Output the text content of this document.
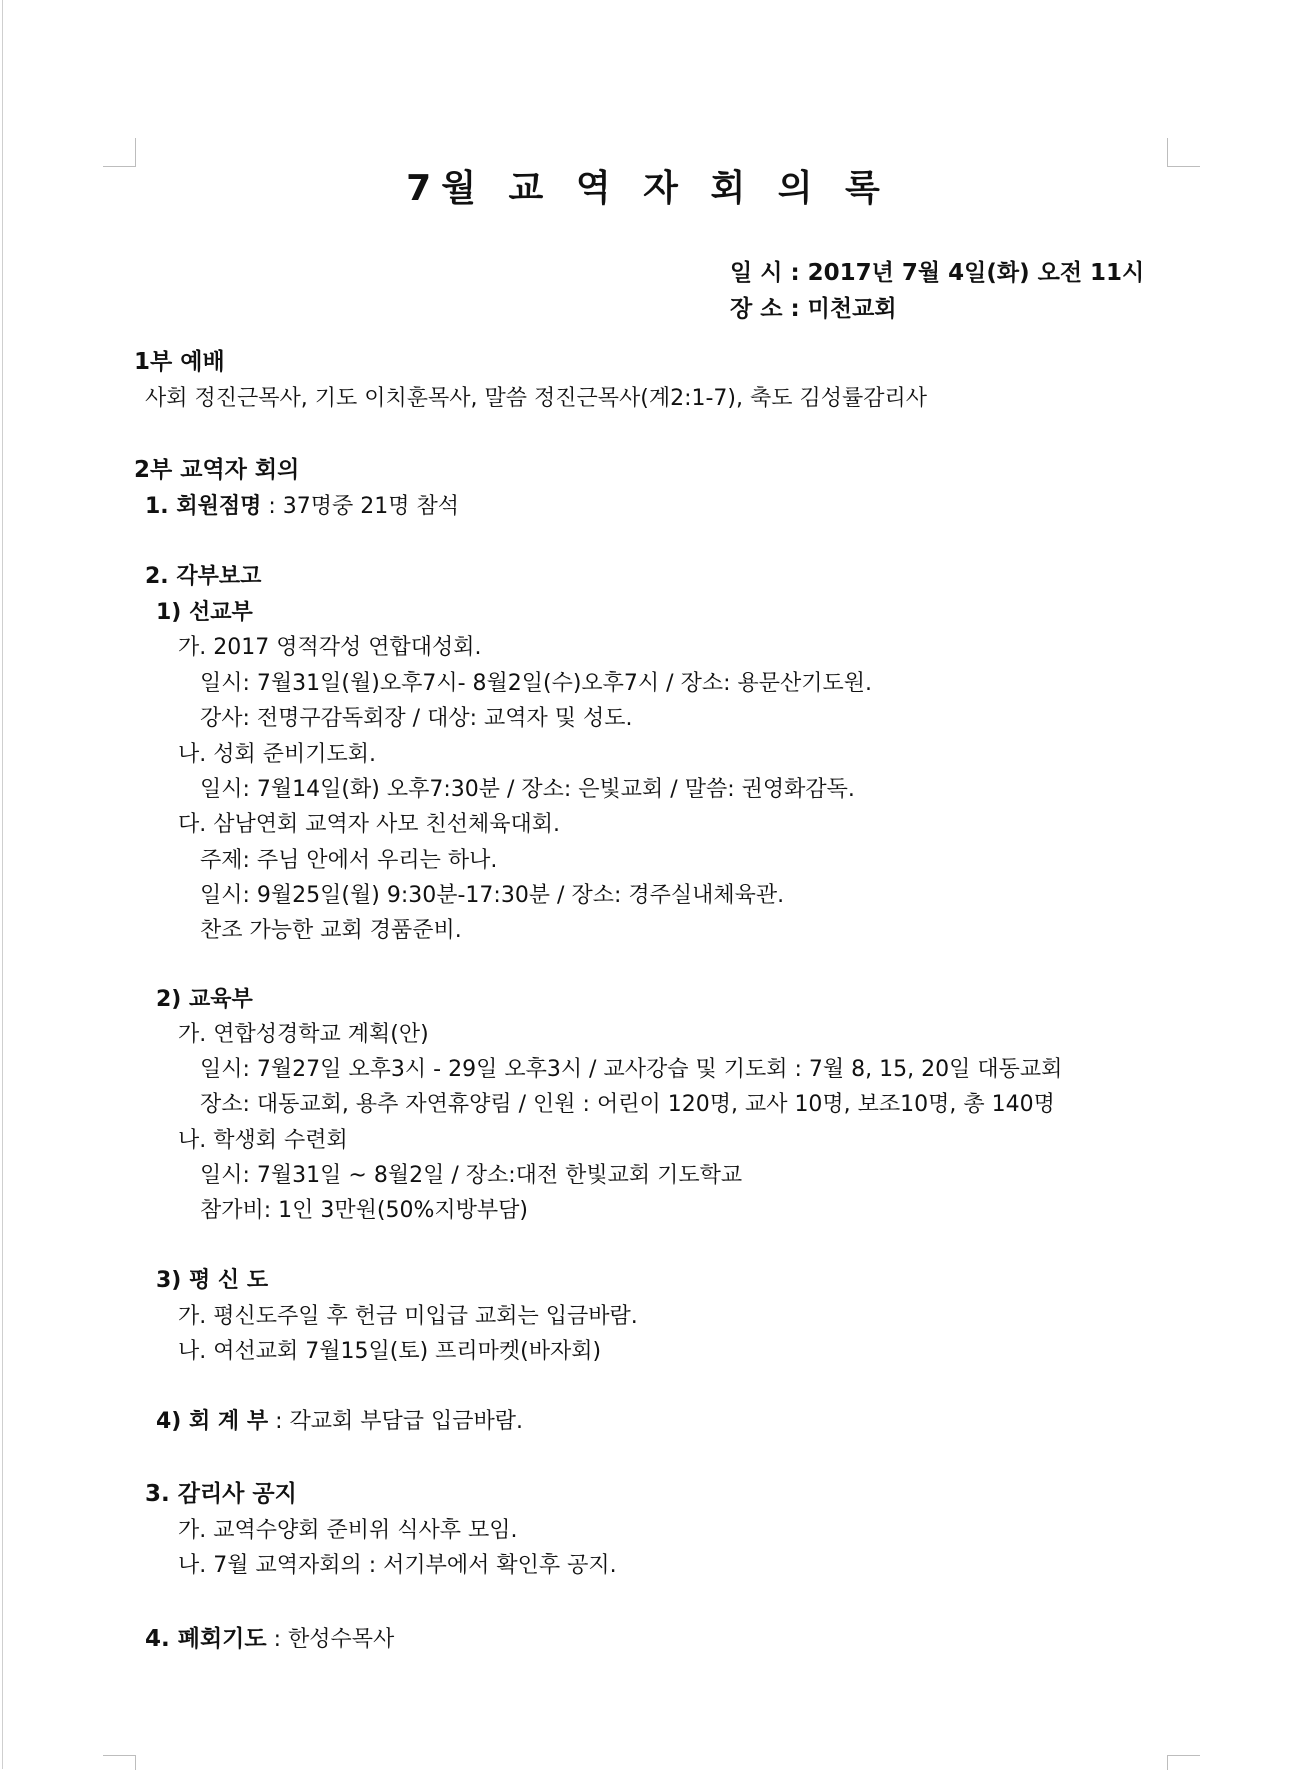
7월 교 역 자 회 의 록
일 시 : 2017년 7월 4일(화) 오전 11시
장 소 : 미천교회
1부 예배
사회 정진근목사, 기도 이치훈목사, 말씀 정진근목사(계2:1-7), 축도 김성률감리사
2부 교역자 회의
1. 회원점명 : 37명중 21명 참석
2. 각부보고
1) 선교부
가. 2017 영적각성 연합대성회.
일시: 7월31일(월)오후7시- 8월2일(수)오후7시 / 장소: 용문산기도원.
강사: 전명구감독회장 / 대상: 교역자 및 성도.
나. 성회 준비기도회.
일시: 7월14일(화) 오후7:30분 / 장소: 은빛교회 / 말씀: 권영화감독.
다. 삼남연회 교역자 사모 친선체육대회.
주제: 주님 안에서 우리는 하나.
일시: 9월25일(월) 9:30분-17:30분 / 장소: 경주실내체육관.
찬조 가능한 교회 경품준비.
2) 교육부
가. 연합성경학교 계획(안)
일시: 7월27일 오후3시 - 29일 오후3시 / 교사강습 및 기도회 : 7월 8, 15, 20일 대동교회
장소: 대동교회, 용추 자연휴양림 / 인원 : 어린이 120명, 교사 10명, 보조10명, 총 140명
나. 학생회 수련회
일시: 7월31일 ~ 8월2일 / 장소:대전 한빛교회 기도학교
참가비: 1인 3만원(50%지방부담)
3) 평 신 도
가. 평신도주일 후 헌금 미입급 교회는 입금바람.
나. 여선교회 7월15일(토) 프리마켓(바자회)
4) 회 계 부 : 각교회 부담급 입금바람.
3. 감리사 공지
가. 교역수양회 준비위 식사후 모임.
나. 7월 교역자회의 : 서기부에서 확인후 공지.
4. 폐회기도 : 한성수목사
